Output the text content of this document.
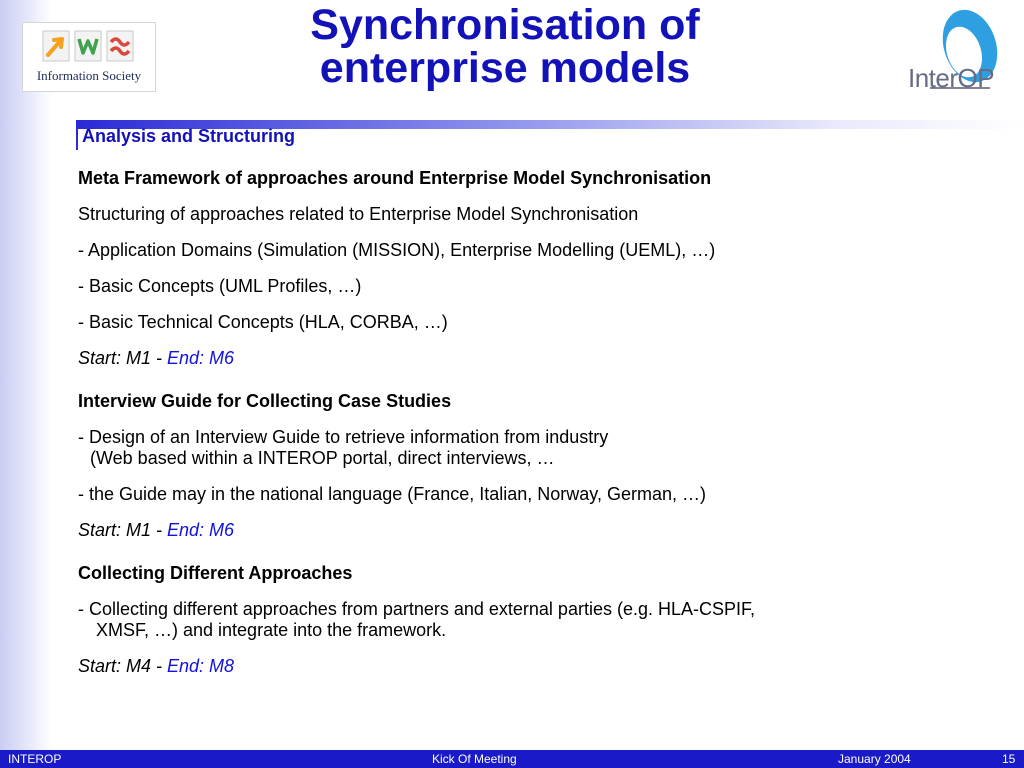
Information Society
Synchronisation of
enterprise models	InterOP
Analysis and Structuring
Meta Framework of approaches around Enterprise Model Synchronisation
Structuring of approaches related to Enterprise Model Synchronisation
- Application Domains (Simulation (MISSION), Enterprise Modelling (UEML), …)
- Basic Concepts (UML Profiles, …)
- Basic Technical Concepts (HLA, CORBA, …)
Start: M1 - End: M6
Interview Guide for Collecting Case Studies
- Design of an Interview Guide to retrieve information from industry
(Web based within a INTEROP portal, direct interviews, …
- the Guide may in the national language (France, Italian, Norway, German, …)
Start: M1 - End: M6
Collecting Different Approaches
- Collecting different approaches from partners and external parties (e.g. HLA-CSPIF,
XMSF, …) and integrate into the framework.
Start: M4 - End: M8
INTEROP	Kick Of Meeting	January 2004	15
